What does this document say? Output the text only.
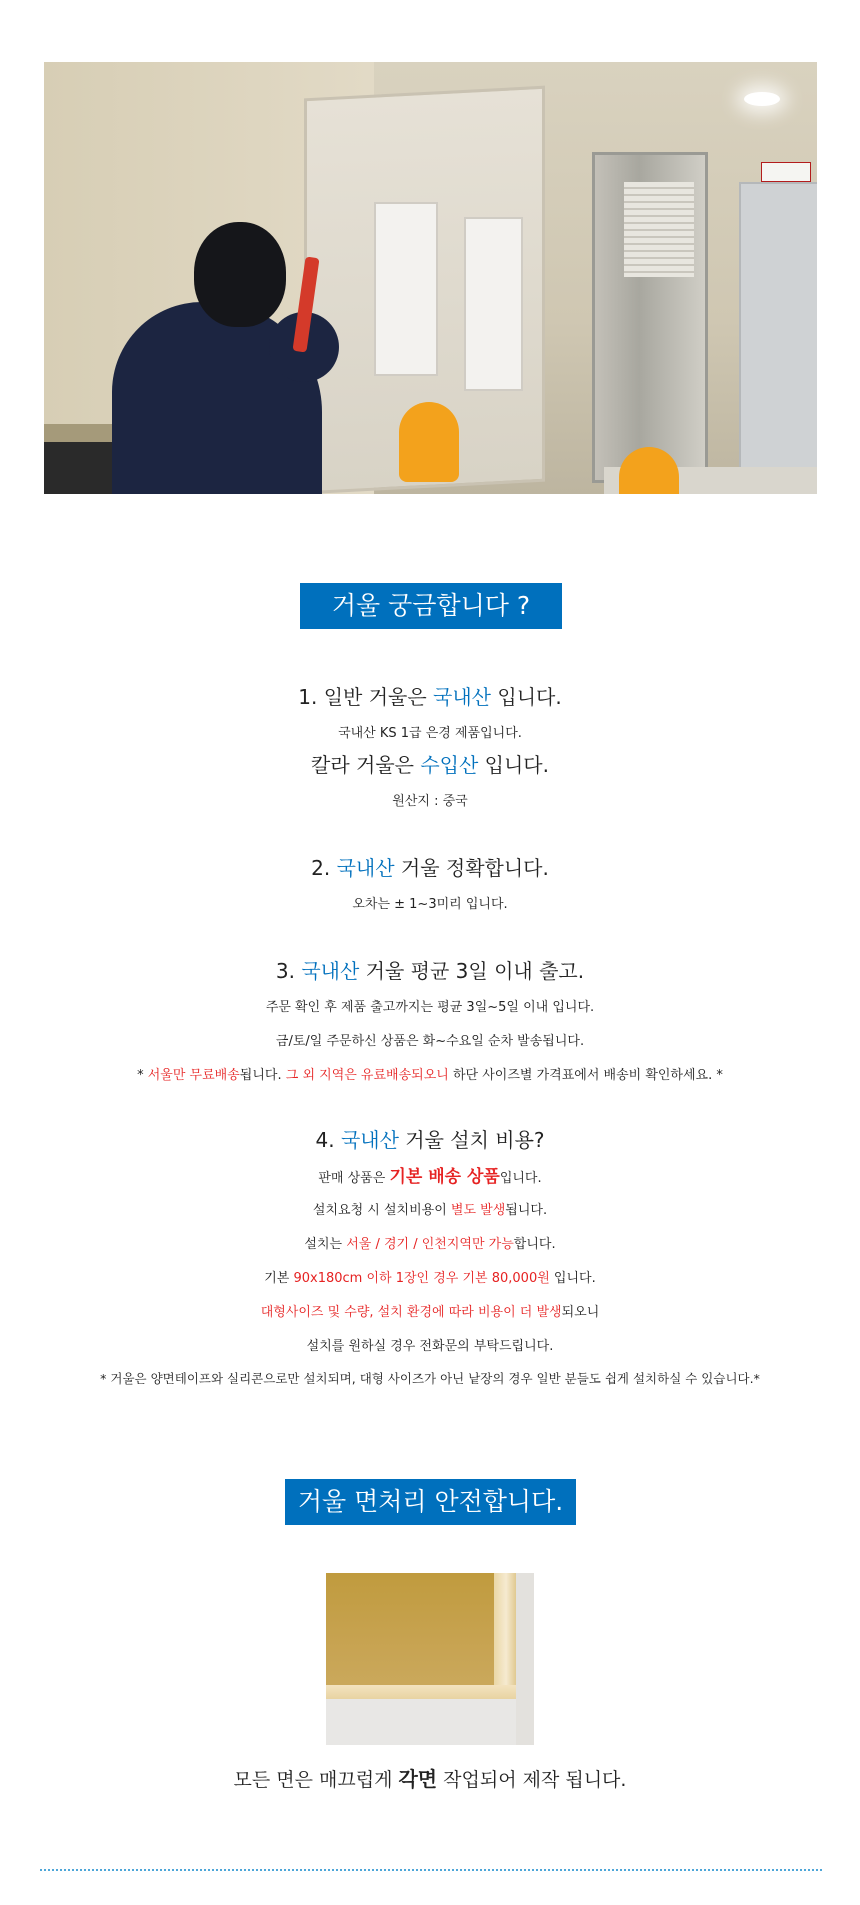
거울 궁금합니다 ?
1. 일반 거울은 국내산 입니다.
국내산 KS 1급 은경 제품입니다.
칼라 거울은 수입산 입니다.
원산지 : 중국
2. 국내산 거울 정확합니다.
오차는 ± 1~3미리 입니다.
3. 국내산 거울 평균 3일 이내 출고.
주문 확인 후 제품 출고까지는 평균 3일~5일 이내 입니다.
금/토/일 주문하신 상품은 화~수요일 순차 발송됩니다.
* 서울만 무료배송됩니다. 그 외 지역은 유료배송되오니 하단 사이즈별 가격표에서 배송비 확인하세요. *
4. 국내산 거울 설치 비용?
판매 상품은 기본 배송 상품입니다.
설치요청 시 설치비용이 별도 발생됩니다.
설치는 서울 / 경기 / 인천지역만 가능합니다.
기본 90x180cm 이하 1장인 경우 기본 80,000원 입니다.
대형사이즈 및 수량, 설치 환경에 따라 비용이 더 발생되오니
설치를 원하실 경우 전화문의 부탁드립니다.
* 거울은 양면테이프와 실리콘으로만 설치되며, 대형 사이즈가 아닌 낱장의 경우 일반 분들도 쉽게 설치하실 수 있습니다.*
거울 면처리 안전합니다.
모든 면은 매끄럽게 각면 작업되어 제작 됩니다.
